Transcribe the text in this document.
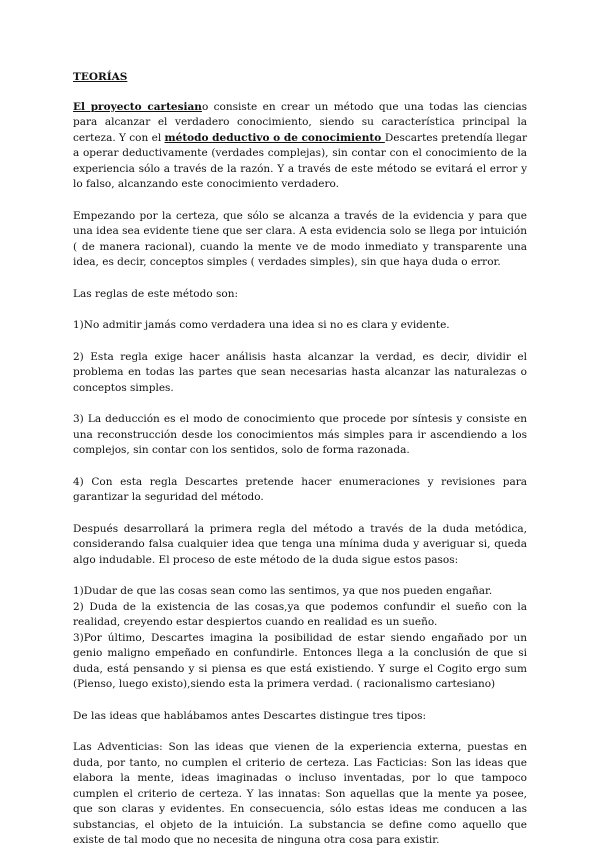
TEORÍAS

El proyecto cartesiano consiste en crear un método que una todas las ciencias para alcanzar el verdadero conocimiento, siendo su característica principal la certeza. Y con el método deductivo o de conocimiento Descartes pretendía llegar a operar deductivamente (verdades complejas), sin contar con el conocimiento de la experiencia sólo a través de la razón. Y a través de este método se evitará el error y lo falso, alcanzando este conocimiento verdadero.

Empezando por la certeza, que sólo se alcanza a través de la evidencia y para que una idea sea evidente tiene que ser clara. A esta evidencia solo se llega por intuición ( de manera racional), cuando la mente ve de modo inmediato y transparente una idea, es decir, conceptos simples ( verdades simples), sin que haya duda o error.

Las reglas de este método son:

1)No admitir jamás como verdadera una idea si no es clara y evidente.

2) Esta regla exige hacer análisis hasta alcanzar la verdad, es decir, dividir el problema en todas las partes que sean necesarias hasta alcanzar las naturalezas o conceptos simples.

3) La deducción es el modo de conocimiento que procede por síntesis y consiste en una reconstrucción desde los conocimientos más simples para ir ascendiendo a los complejos, sin contar con los sentidos, solo de forma razonada.

4) Con esta regla Descartes pretende hacer enumeraciones y revisiones para garantizar la seguridad del método.

Después desarrollará la primera regla del método a través de la duda metódica, considerando falsa cualquier idea que tenga una mínima duda y averiguar si, queda algo indudable. El proceso de este método de la duda sigue estos pasos:

1)Dudar de que las cosas sean como las sentimos, ya que nos pueden engañar.

2) Duda de la existencia de las cosas,ya que podemos confundir el sueño con la realidad, creyendo estar despiertos cuando en realidad es un sueño.

3)Por último, Descartes imagina la posibilidad de estar siendo engañado por un genio maligno empeñado en confundirle. Entonces llega a la conclusión de que si duda, está pensando y si piensa es que está existiendo. Y surge el Cogito ergo sum (Pienso, luego existo),siendo esta la primera verdad. ( racionalismo cartesiano)

De las ideas que hablábamos antes Descartes distingue tres tipos:

Las Adventicias: Son las ideas que vienen de la experiencia externa, puestas en duda, por tanto, no cumplen el criterio de certeza. Las Facticias: Son las ideas que elabora la mente, ideas imaginadas o incluso inventadas, por lo que tampoco cumplen el criterio de certeza. Y las innatas: Son aquellas que la mente ya posee, que son claras y evidentes. En consecuencia, sólo estas ideas me conducen a las substancias, el objeto de la intuición. La substancia se define como aquello que existe de tal modo que no necesita de ninguna otra cosa para existir.
